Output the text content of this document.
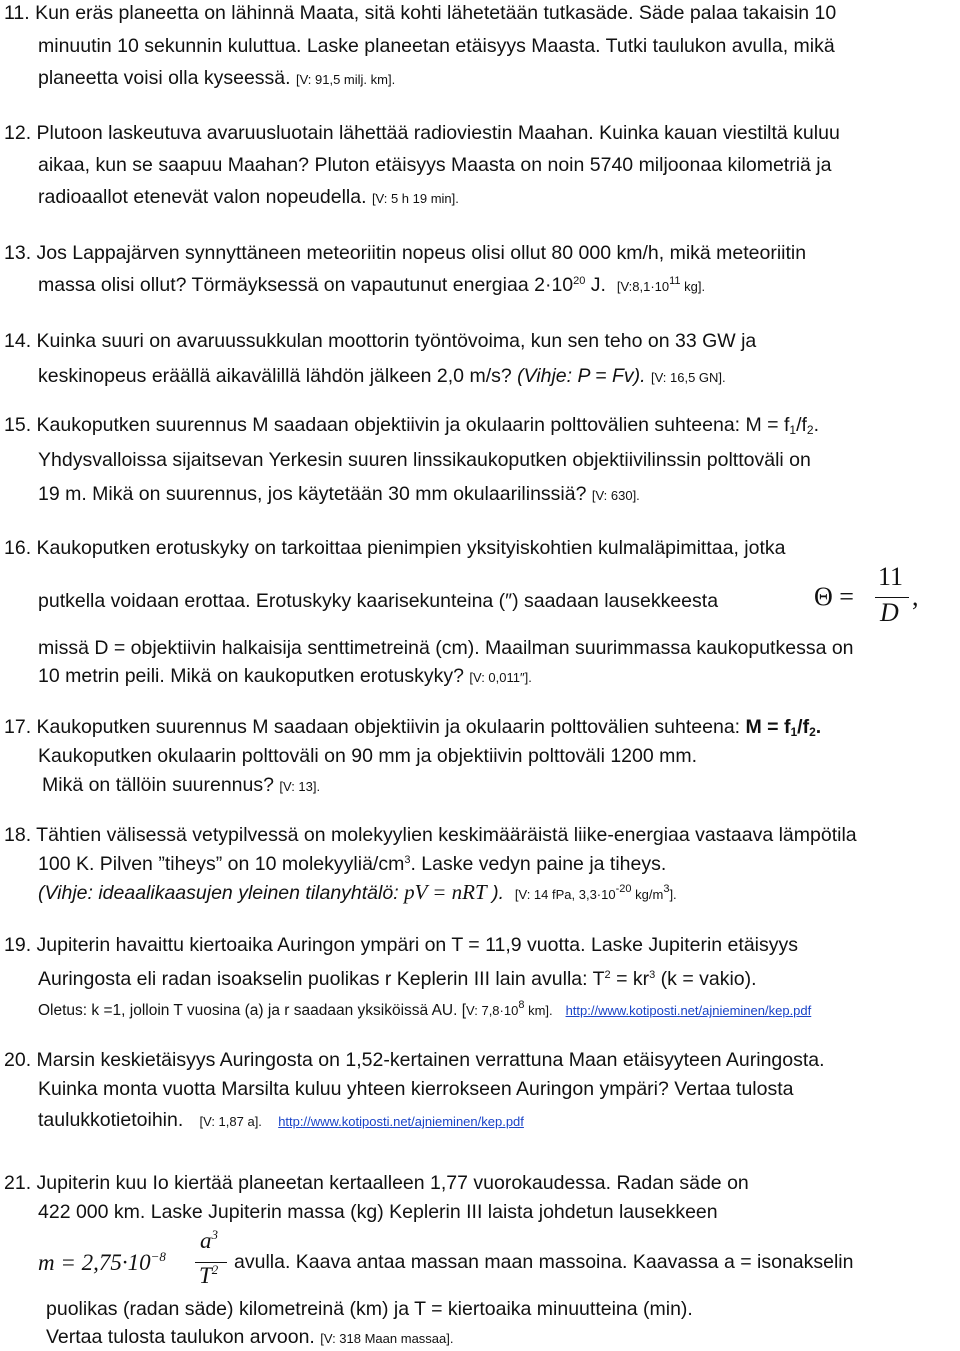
11. Kun eräs planeetta on lähinnä Maata, sitä kohti lähetetään tutkasäde. Säde palaa takaisin 10
minuutin 10 sekunnin kuluttua. Laske planeetan etäisyys Maasta. Tutki taulukon avulla, mikä
planeetta voisi olla kyseessä. [V: 91,5 milj. km].
12. Plutoon laskeutuva avaruusluotain lähettää radioviestin Maahan. Kuinka kauan viestiltä kuluu
aikaa, kun se saapuu Maahan? Pluton etäisyys Maasta on noin 5740 miljoonaa kilometriä ja
radioaallot etenevät valon nopeudella. [V: 5 h 19 min].
13. Jos Lappajärven synnyttäneen meteoriitin nopeus olisi ollut 80 000 km/h, mikä meteoriitin
massa olisi ollut? Törmäyksessä on vapautunut energiaa $2\cdot 10^{20}$ J. [$V:8,1\cdot 10^{11}$ kg].
14. Kuinka suuri on avaruussukkulan moottorin työntövoima, kun sen teho on 33 GW ja
keskinopeus eräällä aikavälillä lähdön jälkeen 2,0 m/s? (Vihje: P = Fv). [V: 16,5 GN].
15. Kaukoputken suurennus M saadaan objektiivin ja okulaarin polttovälien suhteena: $M = f_1/f_2$.
Yhdysvalloissa sijaitsevan Yerkesin suuren linssikaukoputken objektiivilinssin polttoväli on
19 m. Mikä on suurennus, jos käytetään 30 mm okulaarilinssiä? [V: 630].
16. Kaukoputken erotuskyky on tarkoittaa pienimpien yksityiskohtien kulmaläpimittaa, jotka
putkella voidaan erottaa. Erotuskyky kaarisekunteina (″) saadaan lausekkeesta	Θ =
11
D
,
missä D = objektiivin halkaisija senttimetreinä (cm). Maailman suurimmassa kaukoputkessa on
10 metrin peili. Mikä on kaukoputken erotuskyky? [V: 0,011″].
17. Kaukoputken suurennus M saadaan objektiivin ja okulaarin polttovälien suhteena: $M = f_1/f_2$.
Kaukoputken okulaarin polttoväli on 90 mm ja objektiivin polttoväli 1200 mm.
Mikä on tällöin suurennus? [V: 13].
18. Tähtien välisessä vetypilvessä on molekyylien keskimääräistä liike-energiaa vastaava lämpötila
100 K. Pilven ”tiheys” on 10 molekyyliä/$cm^3$. Laske vedyn paine ja tiheys.
(Vihje: ideaalikaasujen yleinen tilanyhtälö: pV = nRT ). [V: 14 fPa, $3,3\cdot 10^{-20}$ $kg/m^3$].
19. Jupiterin havaittu kiertoaika Auringon ympäri on T = 11,9 vuotta. Laske Jupiterin etäisyys
Auringosta eli radan isoakselin puolikas r Keplerin III lain avulla: $T^2 = kr^3$ (k = vakio).
Oletus: k =1, jolloin T vuosina (a) ja r saadaan yksiköissä AU. [V: $7,8\cdot 10^8$ km]. http://www.kotiposti.net/ajnieminen/kep.pdf
20. Marsin keskietäisyys Auringosta on 1,52-kertainen verrattuna Maan etäisyyteen Auringosta.
Kuinka monta vuotta Marsilta kuluu yhteen kierrokseen Auringon ympäri? Vertaa tulosta
taulukkotietoihin. [V: 1,87 a]. http://www.kotiposti.net/ajnieminen/kep.pdf
21. Jupiterin kuu Io kiertää planeetan kertaalleen 1,77 vuorokaudessa. Radan säde on
422 000 km. Laske Jupiterin massa (kg) Keplerin III laista johdetun lausekkeen
$m = 2,75\cdot 10^{-8}$
$a^3$
$T^2$ avulla. Kaava antaa massan maan massoina. Kaavassa a = isonakselin
puolikas (radan säde) kilometreinä (km) ja T = kiertoaika minuutteina (min).
Vertaa tulosta taulukon arvoon. [V: 318 Maan massaa].
